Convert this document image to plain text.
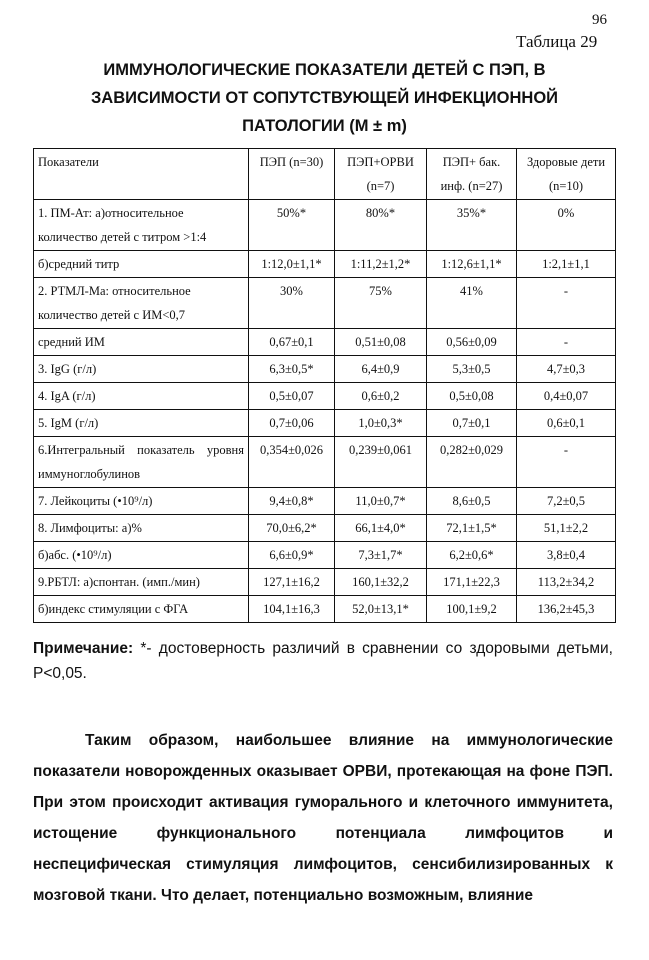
96
Таблица 29
ИММУНОЛОГИЧЕСКИЕ ПОКАЗАТЕЛИ ДЕТЕЙ С ПЭП, В
ЗАВИСИМОСТИ ОТ СОПУТСТВУЮЩЕЙ ИНФЕКЦИОННОЙ
ПАТОЛОГИИ (М ± m)
Показатели	ПЭП (n=30)	ПЭП+ОРВИ (n=7)	ПЭП+ бак. инф. (n=27)	Здоровые дети (n=10)
1. ПМ-Ат: а)относительное количество детей с титром >1:4	50%*	80%*	35%*	0%
б)средний титр	1:12,0±1,1*	1:11,2±1,2*	1:12,6±1,1*	1:2,1±1,1
2. РТМЛ-Ма: относительное количество детей с ИМ<0,7	30%	75%	41%	-
средний ИМ	0,67±0,1	0,51±0,08	0,56±0,09	-
3. IgG (г/л)	6,3±0,5*	6,4±0,9	5,3±0,5	4,7±0,3
4. IgA (г/л)	0,5±0,07	0,6±0,2	0,5±0,08	0,4±0,07
5. IgM (г/л)	0,7±0,06	1,0±0,3*	0,7±0,1	0,6±0,1
6.Интегральный показатель уровня иммуноглобулинов	0,354±0,026	0,239±0,061	0,282±0,029	-
7. Лейкоциты (•10⁹/л)	9,4±0,8*	11,0±0,7*	8,6±0,5	7,2±0,5
8. Лимфоциты: а)%	70,0±6,2*	66,1±4,0*	72,1±1,5*	51,1±2,2
б)абс. (•10⁹/л)	6,6±0,9*	7,3±1,7*	6,2±0,6*	3,8±0,4
9.РБТЛ: а)спонтан. (имп./мин)	127,1±16,2	160,1±32,2	171,1±22,3	113,2±34,2
б)индекс стимуляции с ФГА	104,1±16,3	52,0±13,1*	100,1±9,2	136,2±45,3

Примечание: *- достоверность различий в сравнении со здоровыми детьми, P<0,05.

Таким образом, наибольшее влияние на иммунологические показатели новорожденных оказывает ОРВИ, протекающая на фоне ПЭП. При этом происходит активация гуморального и клеточного иммунитета, истощение функционального потенциала лимфоцитов и неспецифическая стимуляция лимфоцитов, сенсибилизированных к мозговой ткани. Что делает, потенциально возможным, влияние
